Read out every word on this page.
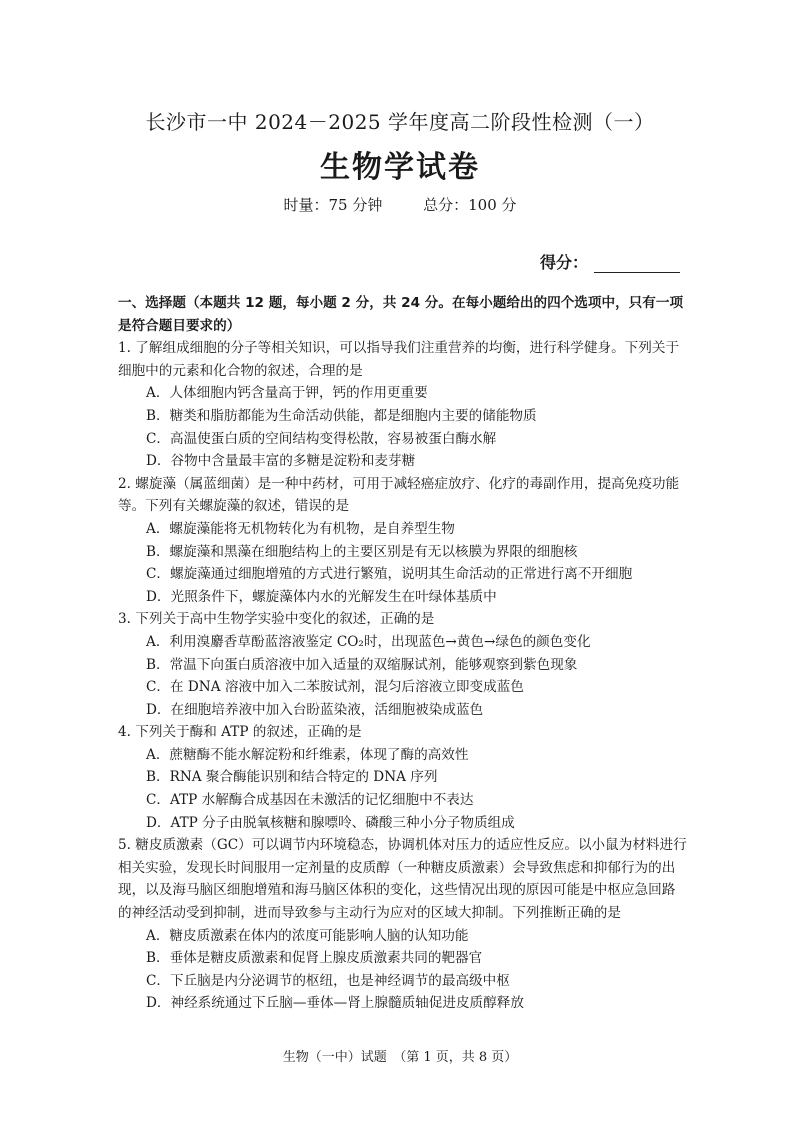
长沙市一中 2024－2025 学年度高二阶段性检测（一）
生物学试卷
时量：75 分钟	总分：100 分
得分：

一、选择题（本题共 12 题，每小题 2 分，共 24 分。在每小题给出的四个选项中，只有一项是符合题目要求的）

1. 了解组成细胞的分子等相关知识，可以指导我们注重营养的均衡，进行科学健身。下列关于细胞中的元素和化合物的叙述，合理的是

A．人体细胞内钙含量高于钾，钙的作用更重要

B．糖类和脂肪都能为生命活动供能，都是细胞内主要的储能物质

C．高温使蛋白质的空间结构变得松散，容易被蛋白酶水解

D．谷物中含量最丰富的多糖是淀粉和麦芽糖

2. 螺旋藻（属蓝细菌）是一种中药材，可用于减轻癌症放疗、化疗的毒副作用，提高免疫功能等。下列有关螺旋藻的叙述，错误的是

A．螺旋藻能将无机物转化为有机物，是自养型生物

B．螺旋藻和黑藻在细胞结构上的主要区别是有无以核膜为界限的细胞核

C．螺旋藻通过细胞增殖的方式进行繁殖，说明其生命活动的正常进行离不开细胞

D．光照条件下，螺旋藻体内水的光解发生在叶绿体基质中

3. 下列关于高中生物学实验中变化的叙述，正确的是

A．利用溴麝香草酚蓝溶液鉴定 CO₂时，出现蓝色→黄色→绿色的颜色变化

B．常温下向蛋白质溶液中加入适量的双缩脲试剂，能够观察到紫色现象

C．在 DNA 溶液中加入二苯胺试剂，混匀后溶液立即变成蓝色

D．在细胞培养液中加入台盼蓝染液，活细胞被染成蓝色

4. 下列关于酶和 ATP 的叙述，正确的是

A．蔗糖酶不能水解淀粉和纤维素，体现了酶的高效性

B．RNA 聚合酶能识别和结合特定的 DNA 序列

C．ATP 水解酶合成基因在未激活的记忆细胞中不表达

D．ATP 分子由脱氧核糖和腺嘌呤、磷酸三种小分子物质组成

5. 糖皮质激素（GC）可以调节内环境稳态，协调机体对压力的适应性反应。以小鼠为材料进行相关实验，发现长时间服用一定剂量的皮质醇（一种糖皮质激素）会导致焦虑和抑郁行为的出现，以及海马脑区细胞增殖和海马脑区体积的变化，这些情况出现的原因可能是中枢应急回路的神经活动受到抑制，进而导致参与主动行为应对的区域大抑制。下列推断正确的是

A．糖皮质激素在体内的浓度可能影响人脑的认知功能

B．垂体是糖皮质激素和促肾上腺皮质激素共同的靶器官

C．下丘脑是内分泌调节的枢纽，也是神经调节的最高级中枢

D．神经系统通过下丘脑—垂体—肾上腺髓质轴促进皮质醇释放

生物（一中）试题　（第 1 页，共 8 页）
